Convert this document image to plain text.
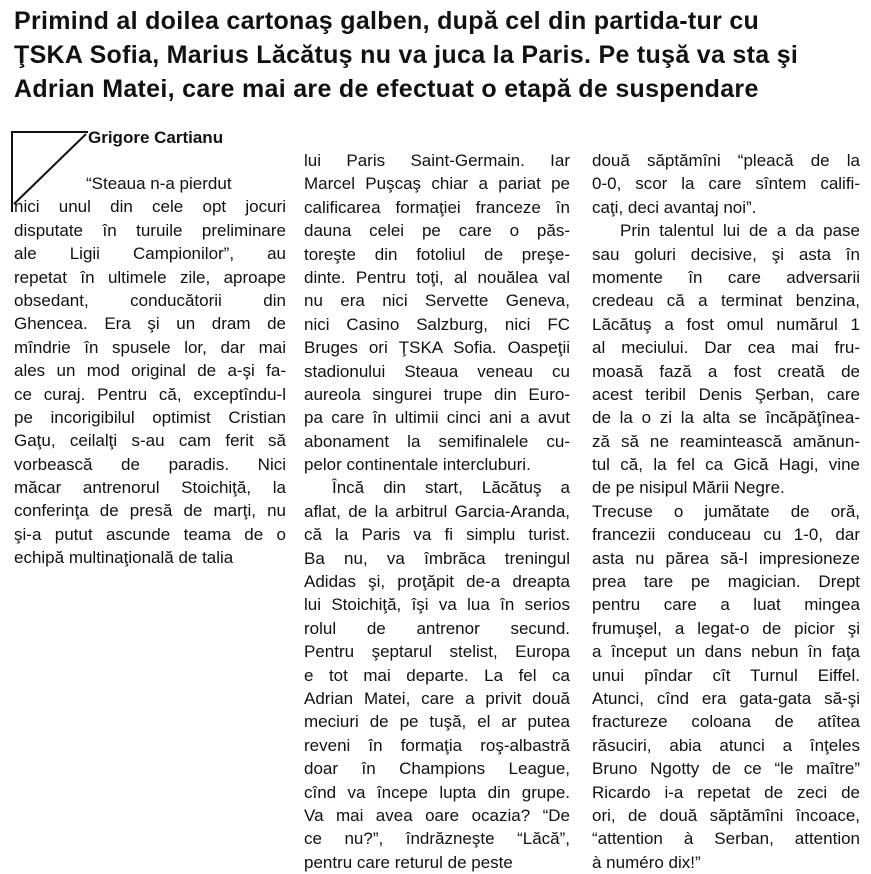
Primind al doilea cartonaş galben, după cel din partida-tur cu
ŢSKA Sofia, Marius Lăcătuş nu va juca la Paris. Pe tuşă va sta şi
Adrian Matei, care mai are de efectuat o etapă de suspendare
Grigore Cartianu
“Steaua n-a pierdut
nici unul din cele opt jocuri
disputate în turuile preliminare
ale Ligii Campionilor”, au
repetat în ultimele zile, aproape
obsedant, conducătorii din
Ghencea. Era şi un dram de
mîndrie în spusele lor, dar mai
ales un mod original de a-şi fa-
ce curaj. Pentru că, exceptîndu-l
pe incorigibilul optimist Cristian
Gaţu, ceilalţi s-au cam ferit să
vorbească de paradis. Nici
măcar antrenorul Stoichiţă, la
conferinţa de presă de marţi, nu
şi-a putut ascunde teama de o
echipă multinaţională de talia
lui Paris Saint-Germain. Iar
Marcel Puşcaş chiar a pariat pe
calificarea formaţiei franceze în
dauna celei pe care o păs-
toreşte din fotoliul de preşe-
dinte. Pentru toţi, al nouălea val
nu era nici Servette Geneva,
nici Casino Salzburg, nici FC
Bruges ori ŢSKA Sofia. Oaspeţii
stadionului Steaua veneau cu
aureola singurei trupe din Euro-
pa care în ultimii cinci ani a avut
abonament la semifinalele cu-
pelor continentale intercluburi.
Încă din start, Lăcătuş a
aflat, de la arbitrul Garcia-Aranda,
că la Paris va fi simplu turist.
Ba nu, va îmbrăca treningul
Adidas şi, proţăpit de-a dreapta
lui Stoichiţă, îşi va lua în serios
rolul de antrenor secund.
Pentru şeptarul stelist, Europa
e tot mai departe. La fel ca
Adrian Matei, care a privit două
meciuri de pe tuşă, el ar putea
reveni în formaţia roş-albastră
doar în Champions League,
cînd va începe lupta din grupe.
Va mai avea oare ocazia? “De
ce nu?”, îndrăzneşte “Lăcă”,
pentru care returul de peste
două săptămîni “pleacă de la
0-0, scor la care sîntem califi-
caţi, deci avantaj noi”.
Prin talentul lui de a da pase
sau goluri decisive, şi asta în
momente în care adversarii
credeau că a terminat benzina,
Lăcătuş a fost omul numărul 1
al meciului. Dar cea mai fru-
moasă fază a fost creată de
acest teribil Denis Şerban, care
de la o zi la alta se încăpăţînea-
ză să ne reamintească amănun-
tul că, la fel ca Gică Hagi, vine
de pe nisipul Mării Negre.
Trecuse o jumătate de oră,
francezii conduceau cu 1-0, dar
asta nu părea să-l impresioneze
prea tare pe magician. Drept
pentru care a luat mingea
frumuşel, a legat-o de picior şi
a început un dans nebun în faţa
unui pîndar cît Turnul Eiffel.
Atunci, cînd era gata-gata să-şi
fractureze coloana de atîtea
răsuciri, abia atunci a înţeles
Bruno Ngotty de ce “le maître”
Ricardo i-a repetat de zeci de
ori, de două săptămîni încoace,
“attention à Serban, attention
à numéro dix!”
